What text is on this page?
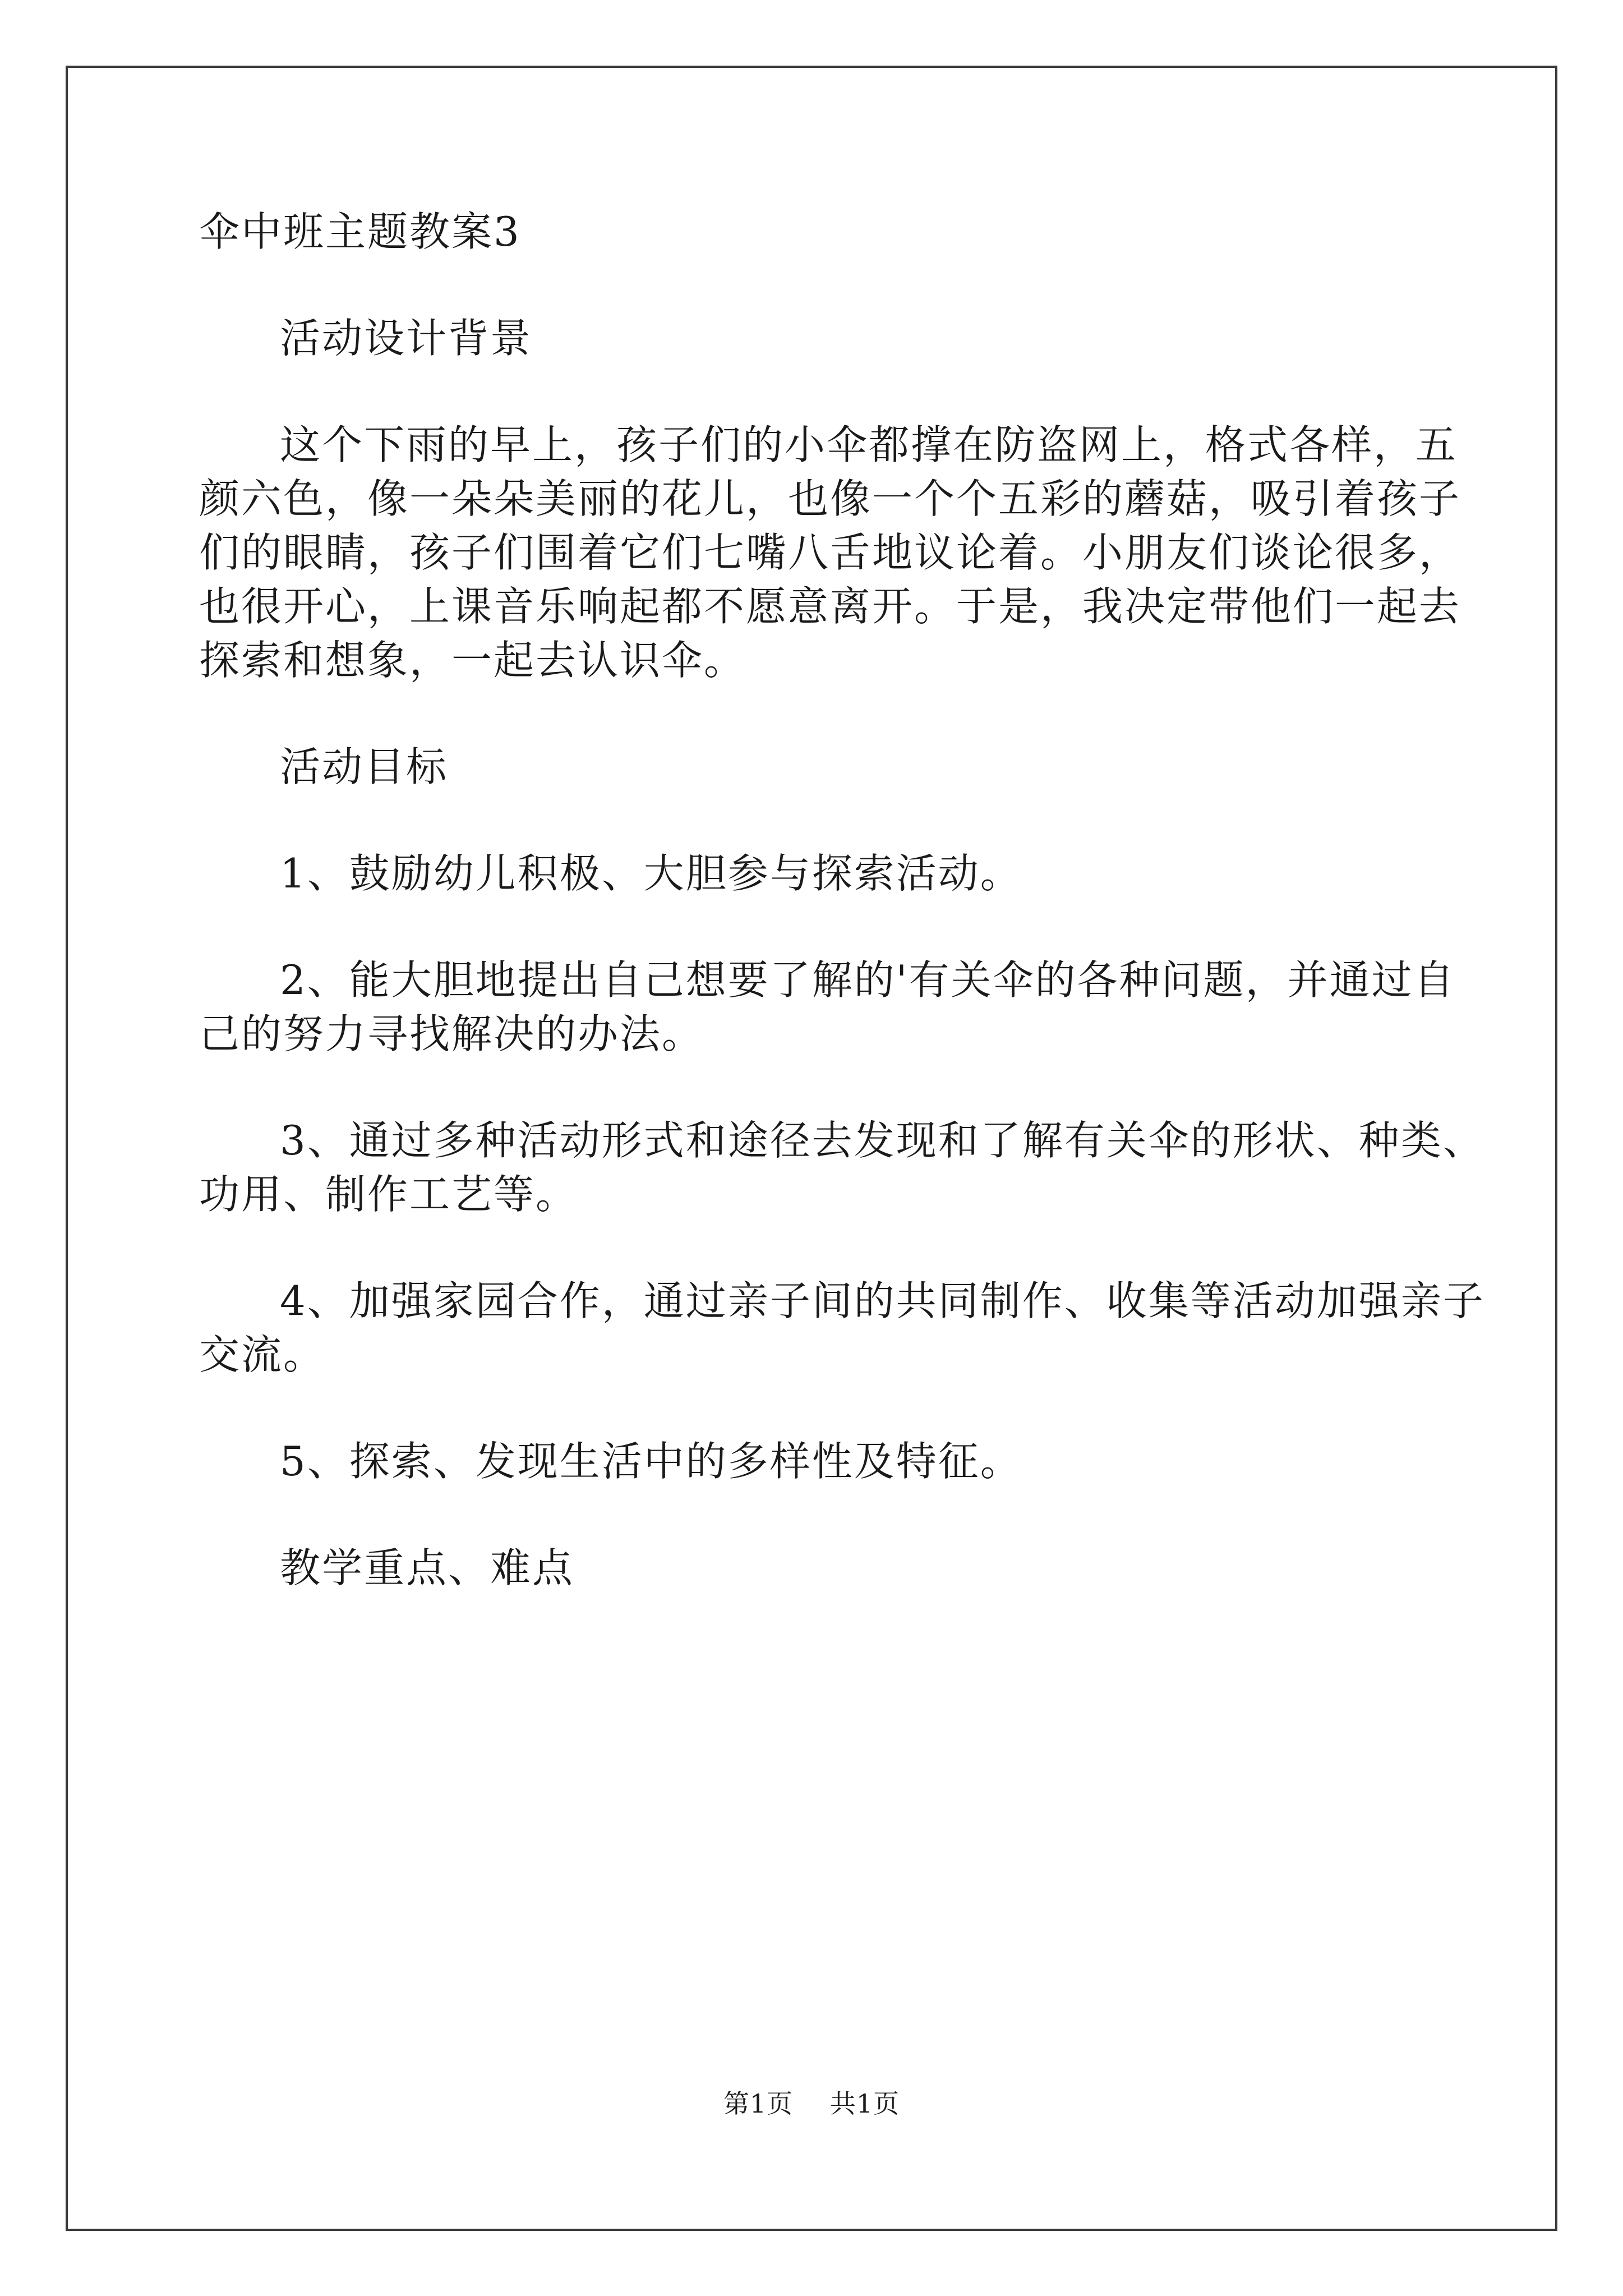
伞中班主题教案3
活动设计背景
这个下雨的早上，孩子们的小伞都撑在防盗网上，格式各样，五
颜六色，像一朵朵美丽的花儿，也像一个个五彩的蘑菇，吸引着孩子
们的眼睛，孩子们围着它们七嘴八舌地议论着。小朋友们谈论很多，
也很开心，上课音乐响起都不愿意离开。于是，我决定带他们一起去
探索和想象，一起去认识伞。
活动目标
1、鼓励幼儿积极、大胆参与探索活动。
2、能大胆地提出自己想要了解的'有关伞的各种问题，并通过自
己的努力寻找解决的办法。
3、通过多种活动形式和途径去发现和了解有关伞的形状、种类、
功用、制作工艺等。
4、加强家园合作，通过亲子间的共同制作、收集等活动加强亲子
交流。
5、探索、发现生活中的多样性及特征。
教学重点、难点
第1页 共1页
